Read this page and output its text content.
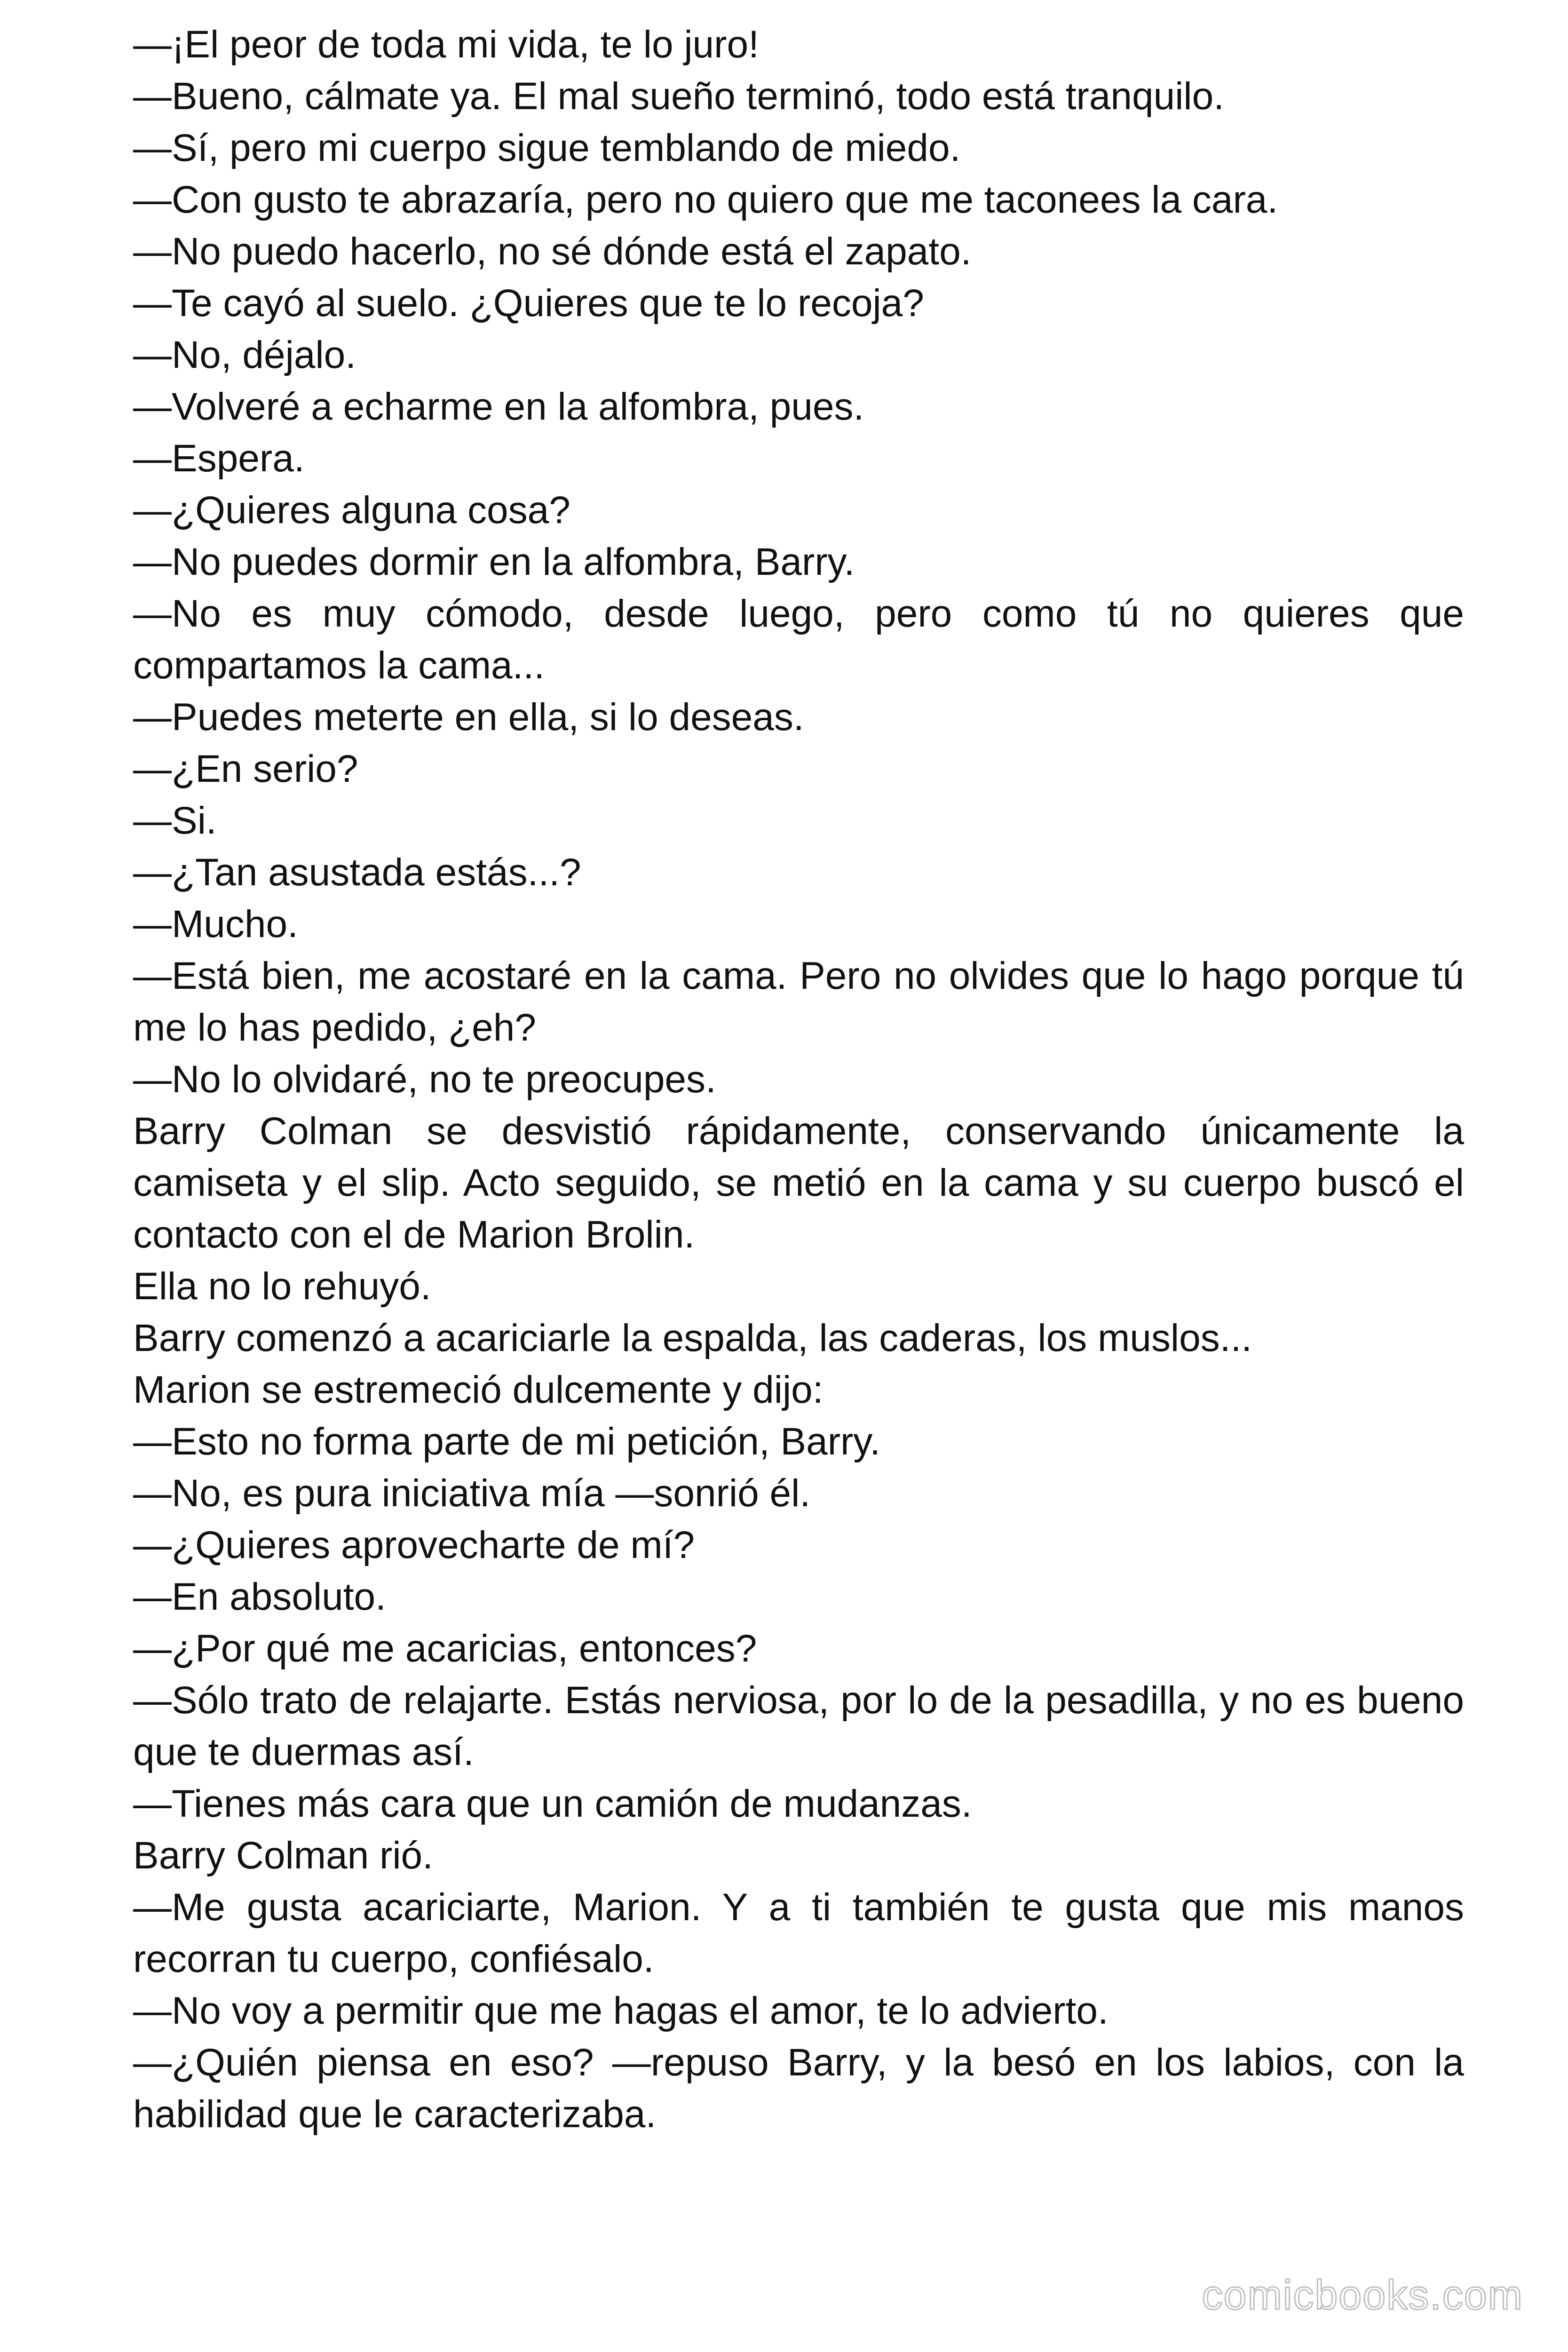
—¡El peor de toda mi vida, te lo juro!

—Bueno, cálmate ya. El mal sueño terminó, todo está tranquilo.

—Sí, pero mi cuerpo sigue temblando de miedo.

—Con gusto te abrazaría, pero no quiero que me taconees la cara.

—No puedo hacerlo, no sé dónde está el zapato.

—Te cayó al suelo. ¿Quieres que te lo recoja?

—No, déjalo.

—Volveré a echarme en la alfombra, pues.

—Espera.

—¿Quieres alguna cosa?

—No puedes dormir en la alfombra, Barry.

—No es muy cómodo, desde luego, pero como tú no quieres que compartamos la cama...

—Puedes meterte en ella, si lo deseas.

—¿En serio?

—Si.

—¿Tan asustada estás...?

—Mucho.

—Está bien, me acostaré en la cama. Pero no olvides que lo hago porque tú me lo has pedido, ¿eh?

—No lo olvidaré, no te preocupes.

Barry Colman se desvistió rápidamente, conservando únicamente la camiseta y el slip. Acto seguido, se metió en la cama y su cuerpo buscó el contacto con el de Marion Brolin.

Ella no lo rehuyó.

Barry comenzó a acariciarle la espalda, las caderas, los muslos...

Marion se estremeció dulcemente y dijo:

—Esto no forma parte de mi petición, Barry.

—No, es pura iniciativa mía —sonrió él.

—¿Quieres aprovecharte de mí?

—En absoluto.

—¿Por qué me acaricias, entonces?

—Sólo trato de relajarte. Estás nerviosa, por lo de la pesadilla, y no es bueno que te duermas así.

—Tienes más cara que un camión de mudanzas.

Barry Colman rió.

—Me gusta acariciarte, Marion. Y a ti también te gusta que mis manos recorran tu cuerpo, confiésalo.

—No voy a permitir que me hagas el amor, te lo advierto.

—¿Quién piensa en eso? —repuso Barry, y la besó en los labios, con la habilidad que le caracterizaba.

comicbooks.com
